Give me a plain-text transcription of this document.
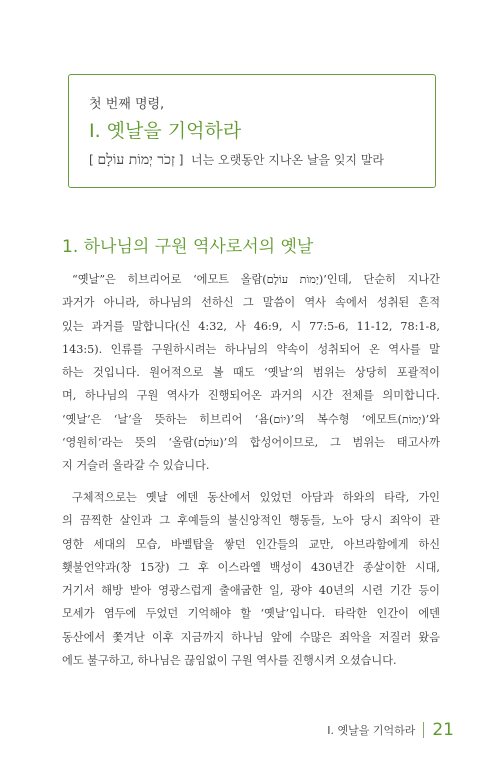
첫 번째 명령,
I. 옛날을 기억하라
[ זְכֹר יְמוֹת עוֹלָם ] 너는 오랫동안 지나온 날을 잊지 말라
1. 하나님의 구원 역사로서의 옛날
“옛날”은 히브리어로 ‘에모트 올람(יְמוֹת עוֹלָם)’인데, 단순히 지나간
과거가 아니라, 하나님의 선하신 그 말씀이 역사 속에서 성취된 흔적
있는 과거를 말합니다(신 4:32, 사 46:9, 시 77:5-6, 11-12, 78:1-8,
143:5). 인류를 구원하시려는 하나님의 약속이 성취되어 온 역사를 말
하는 것입니다. 원어적으로 볼 때도 ‘옛날’의 범위는 상당히 포괄적이
며, 하나님의 구원 역사가 진행되어온 과거의 시간 전체를 의미합니다.
‘옛날’은 ‘날’을 뜻하는 히브리어 ‘욤(יוֹם)’의 복수형 ‘에모트(יְמוֹת)’와
‘영원히’라는 뜻의 ‘올람(עוֹלָם)’의 합성어이므로, 그 범위는 태고사까
지 거슬러 올라갈 수 있습니다.
구체적으로는 옛날 에덴 동산에서 있었던 아담과 하와의 타락, 가인
의 끔찍한 살인과 그 후예들의 불신앙적인 행동들, 노아 당시 죄악이 관
영한 세대의 모습, 바벨탑을 쌓던 인간들의 교만, 아브라함에게 하신
횃불언약과(창 15장) 그 후 이스라엘 백성이 430년간 종살이한 시대,
거기서 해방 받아 영광스럽게 출애굽한 일, 광야 40년의 시련 기간 등이
모세가 염두에 두었던 기억해야 할 ‘옛날’입니다. 타락한 인간이 에덴
동산에서 쫓겨난 이후 지금까지 하나님 앞에 수많은 죄악을 저질러 왔음
에도 불구하고, 하나님은 끊임없이 구원 역사를 진행시켜 오셨습니다.
I. 옛날을 기억하라 21
